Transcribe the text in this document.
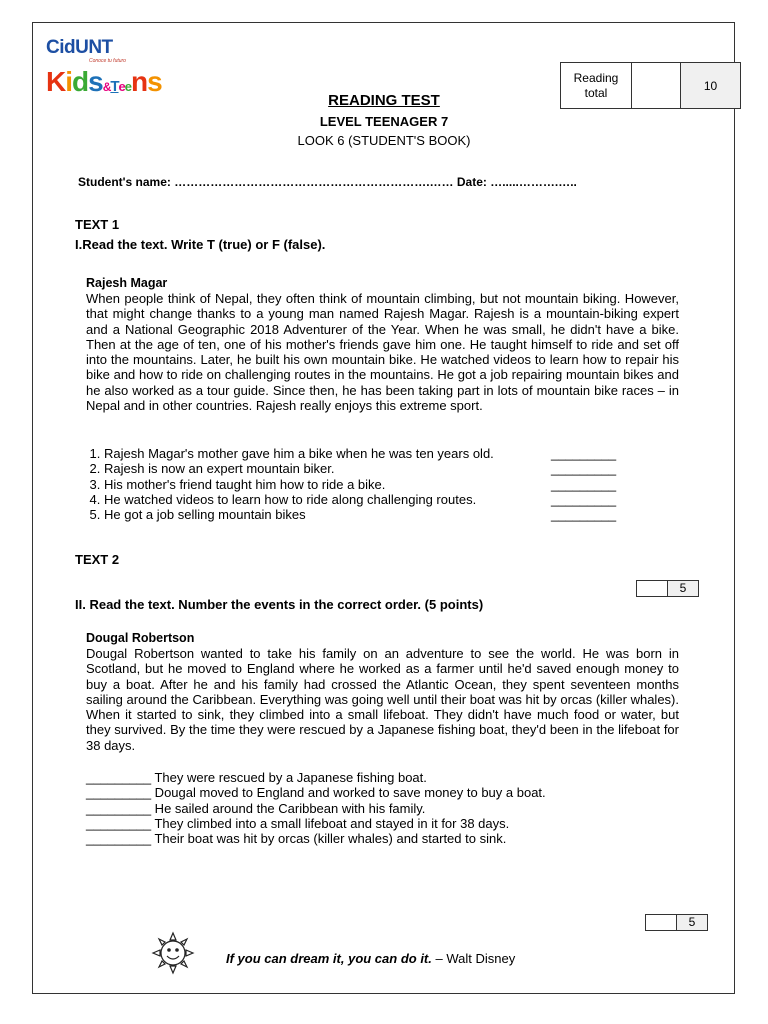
CidUNT
Conoce tu futuro
Kids&Teens	Reading total		10
READING TEST
LEVEL TEENAGER 7
LOOK 6 (STUDENT'S BOOK)
Student's name: ……………………………………………………….…… Date: ….....……….…..
TEXT 1
I.Read the text. Write T (true) or F (false).
Rajesh Magar
When people think of Nepal, they often think of mountain climbing, but not mountain biking. However, that might change thanks to a young man named Rajesh Magar. Rajesh is a mountain-biking expert and a National Geographic 2018 Adventurer of the Year. When he was small, he didn't have a bike. Then at the age of ten, one of his mother's friends gave him one. He taught himself to ride and set off into the mountains. Later, he built his own mountain bike. He watched videos to learn how to repair his bike and how to ride on challenging routes in the mountains. He got a job repairing mountain bikes and he also worked as a tour guide. Since then, he has been taking part in lots of mountain bike races – in Nepal and in other countries. Rajesh really enjoys this extreme sport.
1. Rajesh Magar's mother gave him a bike when he was ten years old.
2. Rajesh is now an expert mountain biker.
3. His mother's friend taught him how to ride a bike.
4. He watched videos to learn how to ride along challenging routes.
5. He got a job selling mountain bikes
_________
_________
_________
_________
_________
TEXT 2
	5
II. Read the text. Number the events in the correct order. (5 points)
Dougal Robertson
Dougal Robertson wanted to take his family on an adventure to see the world. He was born in Scotland, but he moved to England where he worked as a farmer until he'd saved enough money to buy a boat. After he and his family had crossed the Atlantic Ocean, they spent seventeen months sailing around the Caribbean. Everything was going well until their boat was hit by orcas (killer whales). When it started to sink, they climbed into a small lifeboat. They didn't have much food or water, but they survived. By the time they were rescued by a Japanese fishing boat, they'd been in the lifeboat for 38 days.
_________ They were rescued by a Japanese fishing boat.
_________ Dougal moved to England and worked to save money to buy a boat.
_________ He sailed around the Caribbean with his family.
_________ They climbed into a small lifeboat and stayed in it for 38 days.
_________ Their boat was hit by orcas (killer whales) and started to sink.
	5
If you can dream it, you can do it. – Walt Disney
